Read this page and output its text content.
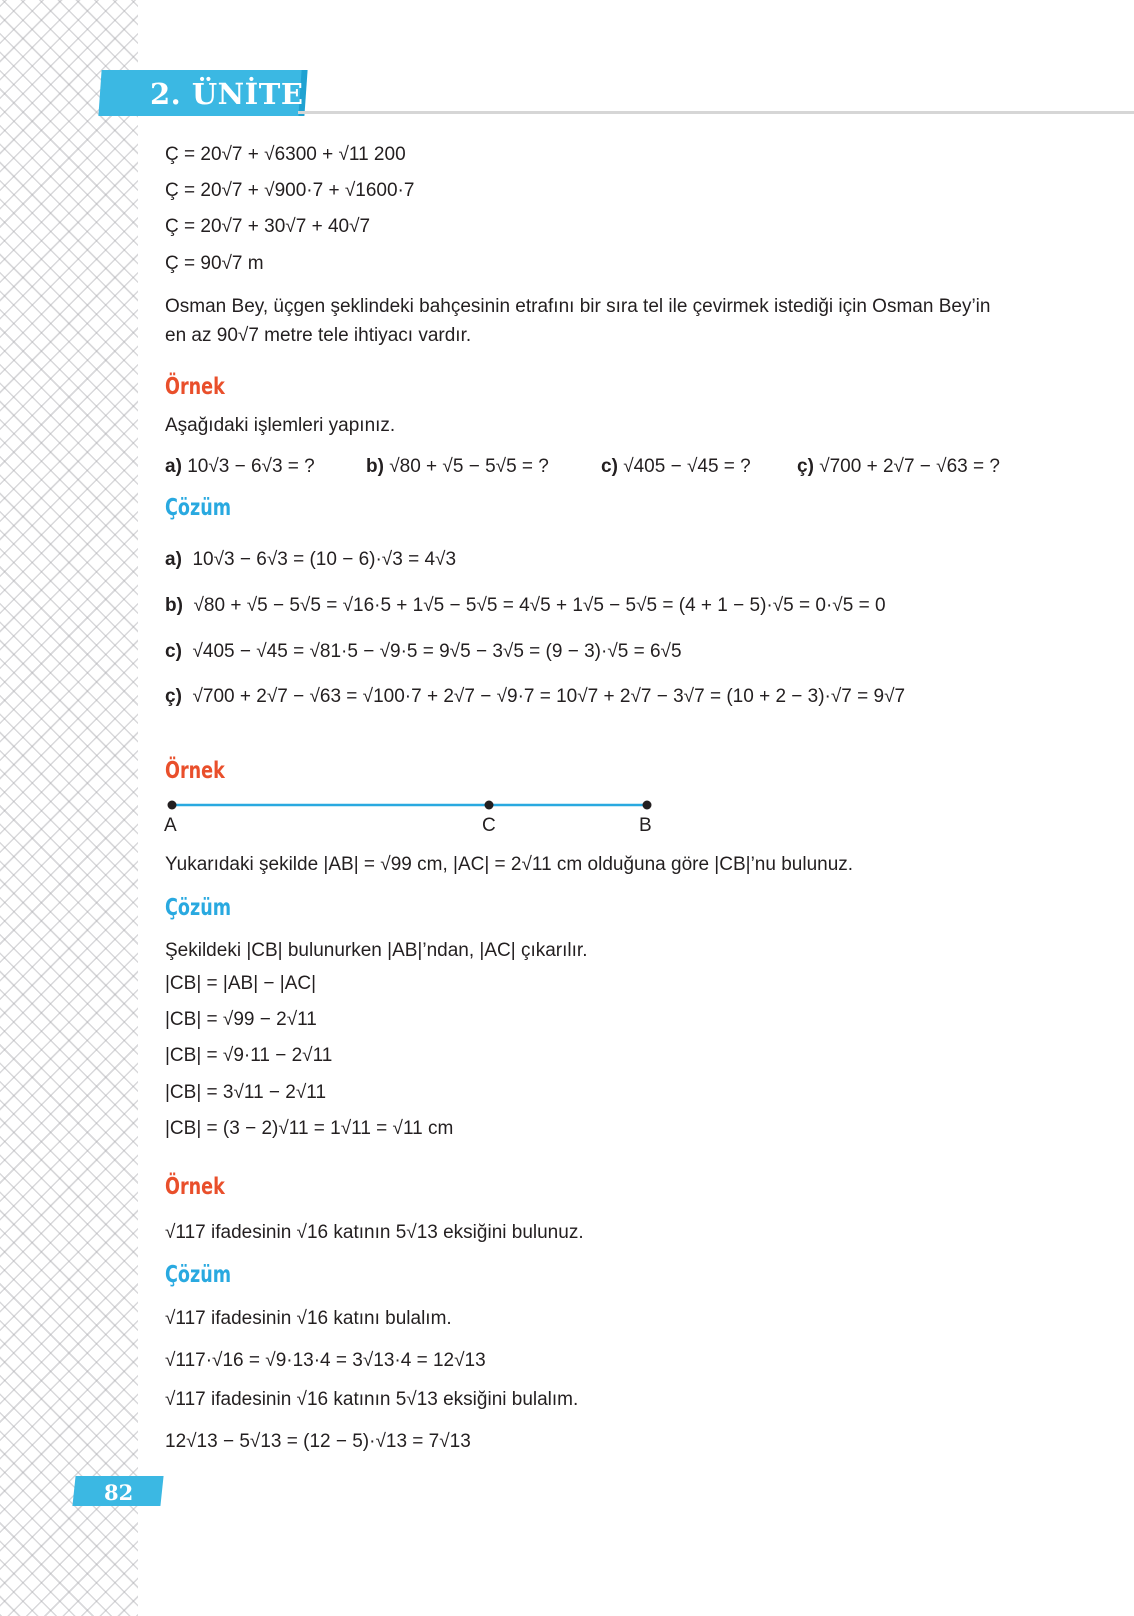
2. ÜNİTE
Ç = 20√7 + √6300 + √11 200
Ç = 20√7 + √900·7 + √1600·7
Ç = 20√7 + 30√7 + 40√7
Ç = 90√7 m
Osman Bey, üçgen şeklindeki bahçesinin etrafını bir sıra tel ile çevirmek istediği için Osman Bey’in
en az 90√7 metre tele ihtiyacı vardır.
Örnek
Aşağıdaki işlemleri yapınız.
a) 10√3 − 6√3 = ?	b) √80 + √5 − 5√5 = ?	c) √405 − √45 = ? ç) √700 + 2√7 − √63 = ?
Çözüm
a) 10√3 − 6√3 = (10 − 6)·√3 = 4√3
b) √80 + √5 − 5√5 = √16·5 + 1√5 − 5√5 = 4√5 + 1√5 − 5√5 = (4 + 1 − 5)·√5 = 0·√5 = 0
c) √405 − √45 = √81·5 − √9·5 = 9√5 − 3√5 = (9 − 3)·√5 = 6√5
ç) √700 + 2√7 − √63 = √100·7 + 2√7 − √9·7 = 10√7 + 2√7 − 3√7 = (10 + 2 − 3)·√7 = 9√7
Örnek
A	C	B
Yukarıdaki şekilde |AB| = √99 cm, |AC| = 2√11 cm olduğuna göre |CB|’nu bulunuz.
Çözüm
Şekildeki |CB| bulunurken |AB|’ndan, |AC| çıkarılır.
|CB| = |AB| − |AC|
|CB| = √99 − 2√11
|CB| = √9·11 − 2√11
|CB| = 3√11 − 2√11
|CB| = (3 − 2)√11 = 1√11 = √11 cm
Örnek
√117 ifadesinin √16 katının 5√13 eksiğini bulunuz.
Çözüm
√117 ifadesinin √16 katını bulalım.
√117·√16 = √9·13·4 = 3√13·4 = 12√13
√117 ifadesinin √16 katının 5√13 eksiğini bulalım.
12√13 − 5√13 = (12 − 5)·√13 = 7√13
82
